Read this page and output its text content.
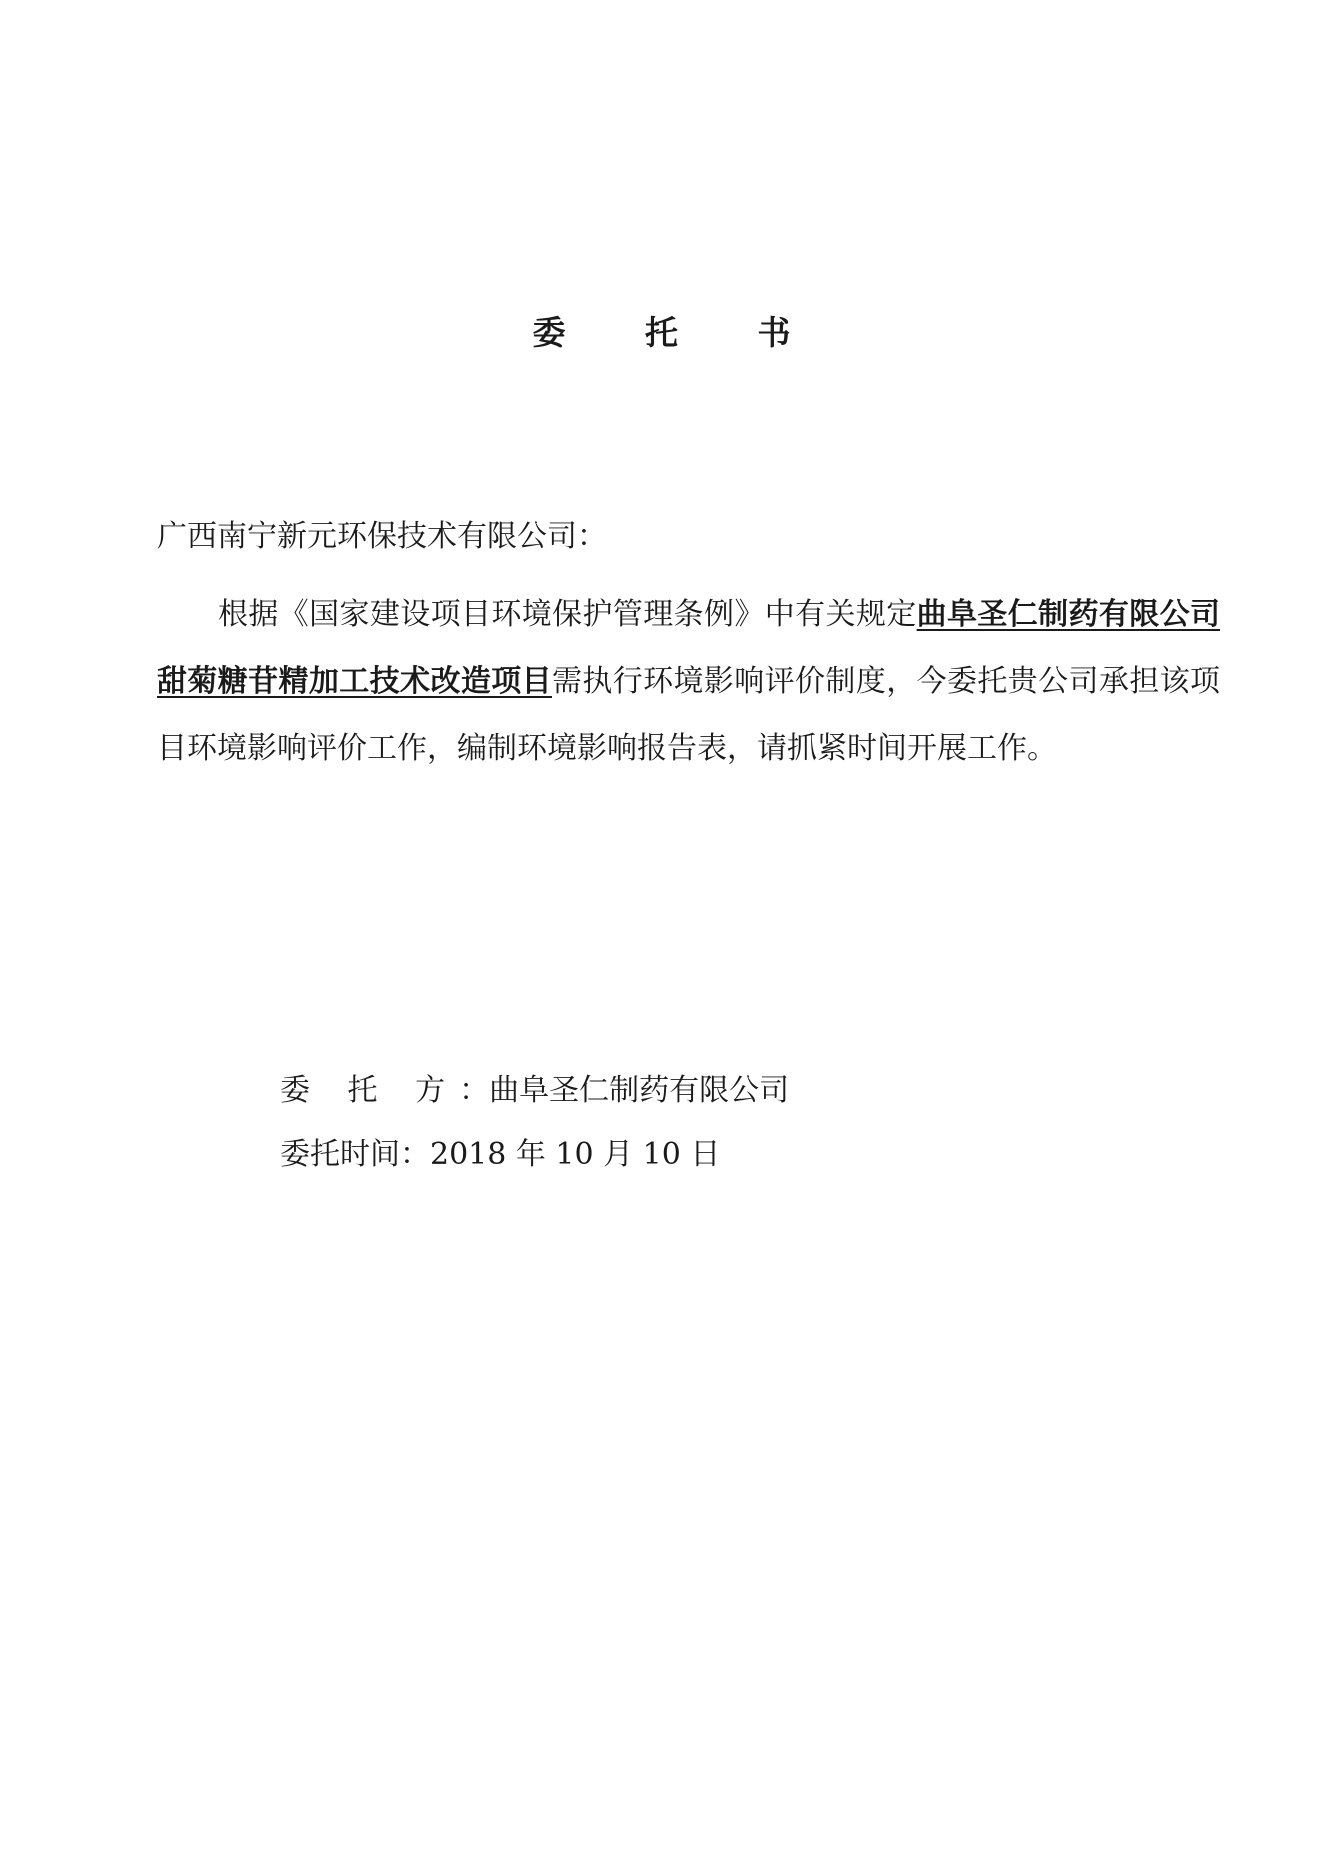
委 托 书
广西南宁新元环保技术有限公司：
根据《国家建设项目环境保护管理条例》中有关规定曲阜圣仁制药有限公司甜菊糖苷精加工技术改造项目需执行环境影响评价制度，今委托贵公司承担该项目环境影响评价工作，编制环境影响报告表，请抓紧时间开展工作。
委 托 方：曲阜圣仁制药有限公司
委托时间：2018 年 10 月 10 日
